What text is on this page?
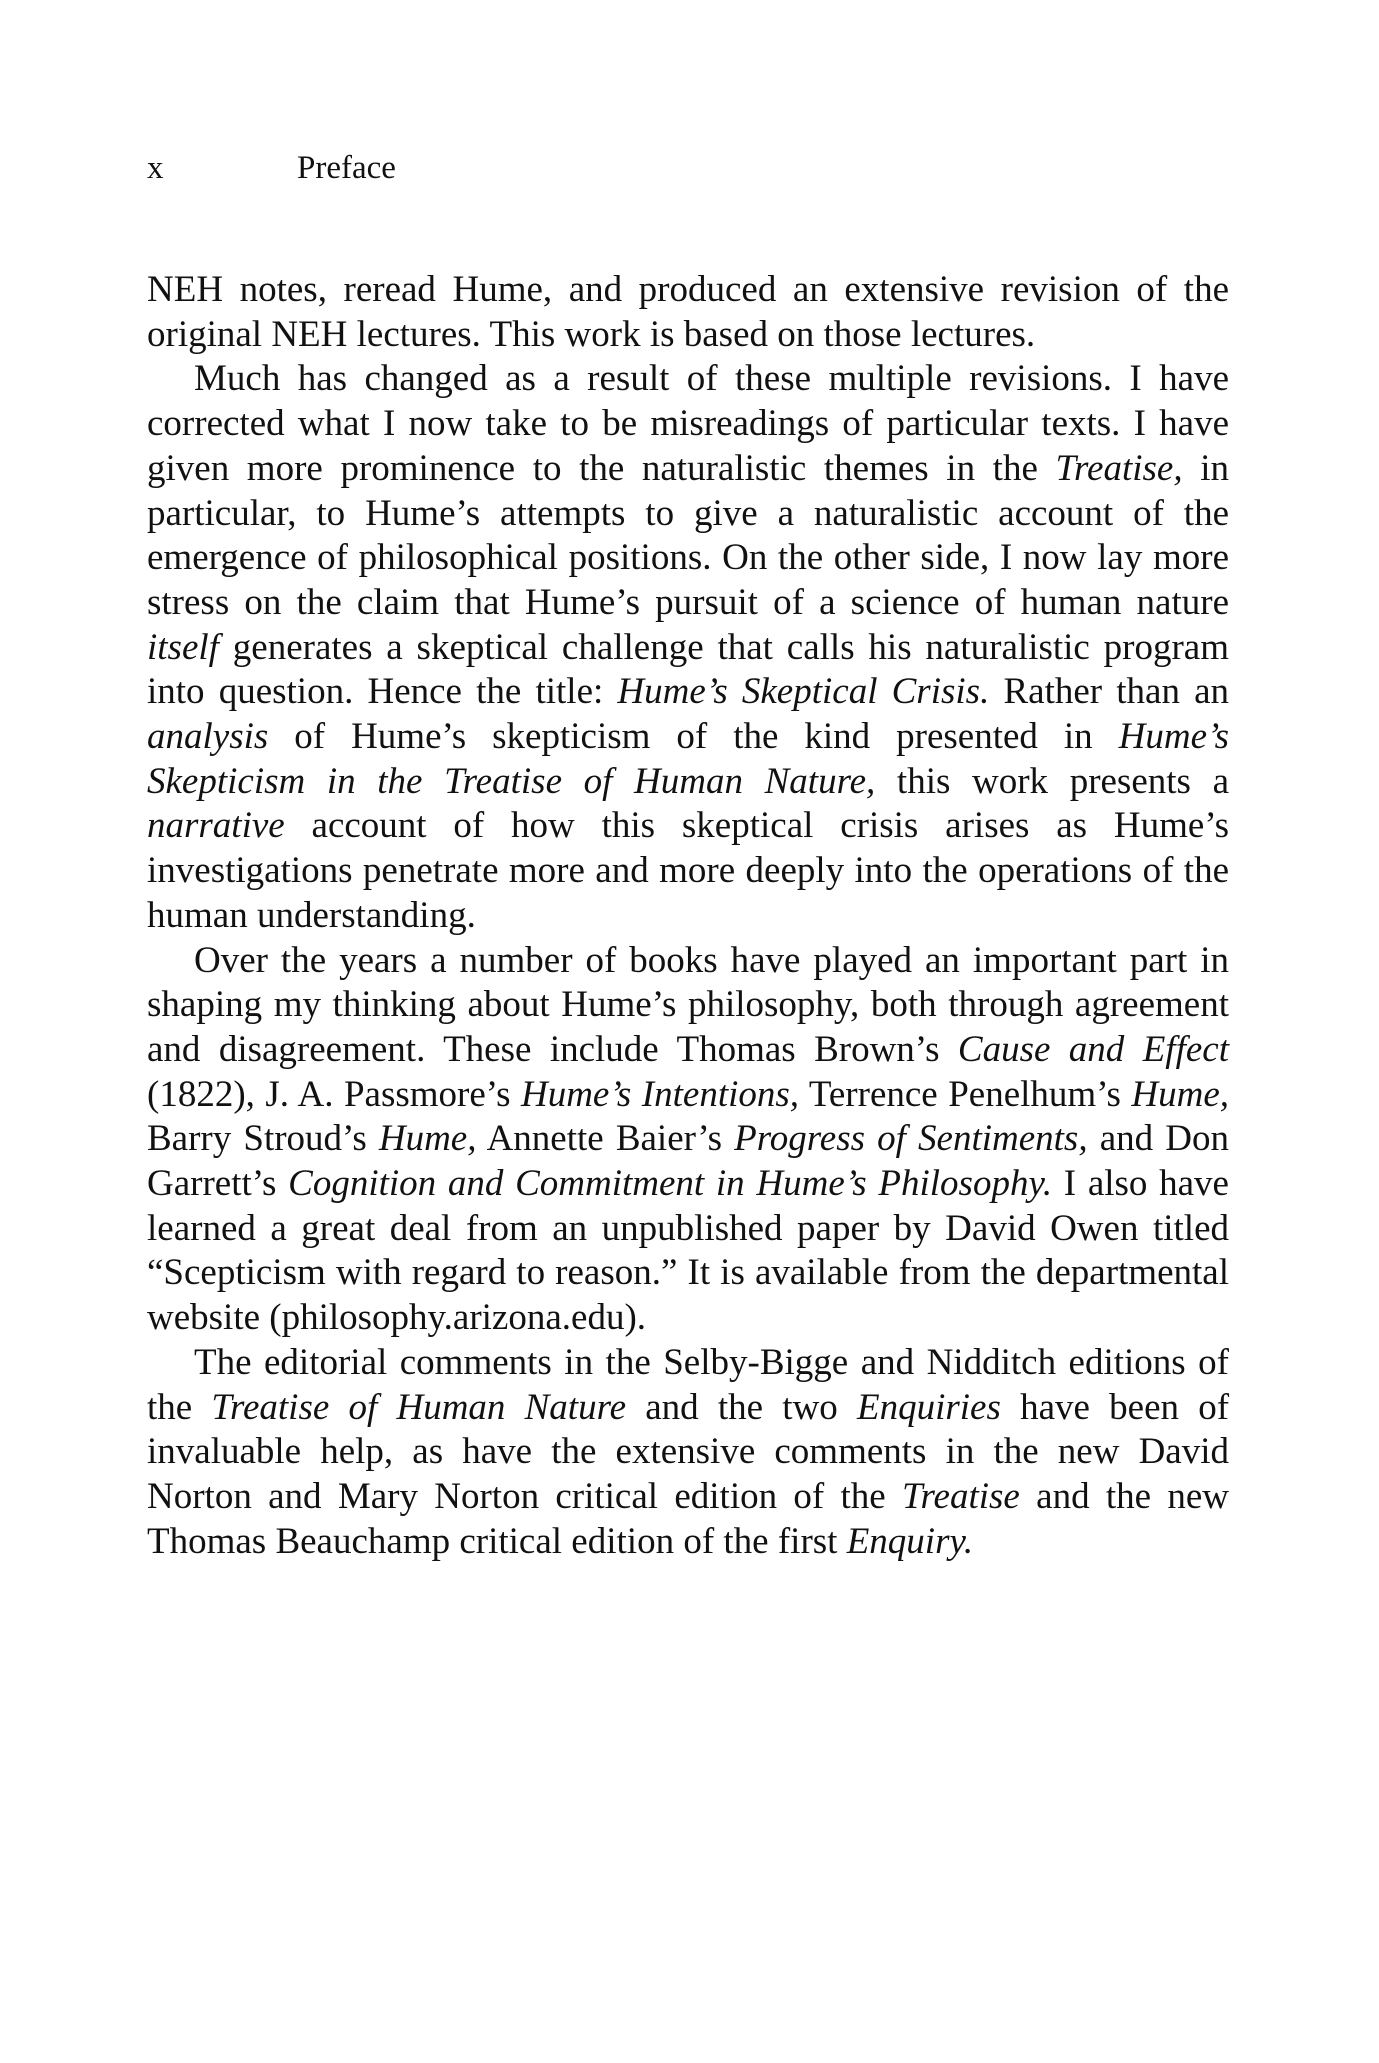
x	Preface

NEH notes, reread Hume, and produced an extensive revision of the original NEH lectures. This work is based on those lectures.

Much has changed as a result of these multiple revisions. I have corrected what I now take to be misreadings of particular texts. I have given more prominence to the naturalistic themes in the Treatise, in particular, to Hume’s attempts to give a naturalistic account of the emergence of philosophical positions. On the other side, I now lay more stress on the claim that Hume’s pursuit of a science of human nature itself generates a skeptical challenge that calls his naturalistic program into question. Hence the title: Hume’s Skeptical Crisis. Rather than an analysis of Hume’s skepticism of the kind presented in Hume’s Skepticism in the Treatise of Human Nature, this work presents a narrative account of how this skeptical crisis arises as Hume’s investigations penetrate more and more deeply into the operations of the human understanding.

Over the years a number of books have played an important part in shaping my thinking about Hume’s philosophy, both through agreement and disagreement. These include Thomas Brown’s Cause and Effect (1822), J. A. Passmore’s Hume’s Intentions, Terrence Penelhum’s Hume, Barry Stroud’s Hume, Annette Baier’s Progress of Sentiments, and Don Garrett’s Cognition and Commitment in Hume’s Philosophy. I also have learned a great deal from an unpublished paper by David Owen titled “Scepticism with regard to reason.” It is available from the departmental website (philosophy.arizona.edu).

The editorial comments in the Selby-Bigge and Nidditch editions of the Treatise of Human Nature and the two Enquiries have been of invaluable help, as have the extensive comments in the new David Norton and Mary Norton critical edition of the Treatise and the new Thomas Beauchamp critical edition of the first Enquiry.
